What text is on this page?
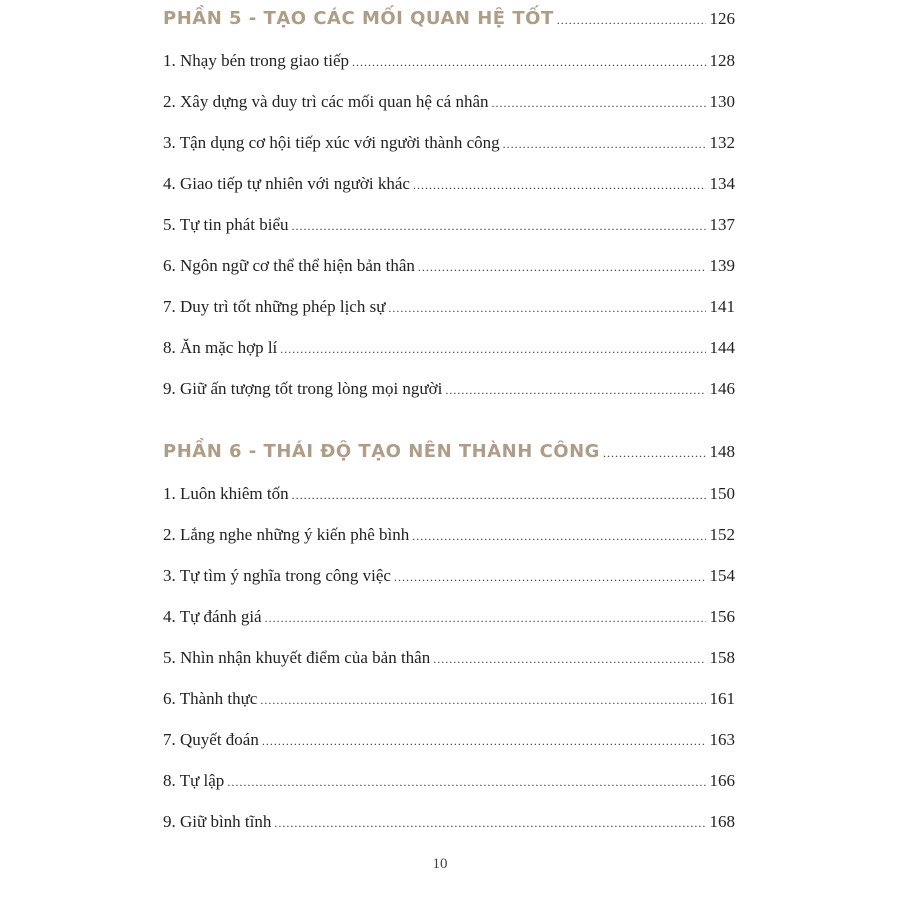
PHẦN 5 - TẠO CÁC MỐI QUAN HỆ TỐT .....	126
1. Nhạy bén trong giao tiếp .....	128
2. Xây dựng và duy trì các mối quan hệ cá nhân .....	130
3. Tận dụng cơ hội tiếp xúc với người thành công .....	132
4. Giao tiếp tự nhiên với người khác .....	134
5. Tự tin phát biểu .....	137
6. Ngôn ngữ cơ thể thể hiện bản thân .....	139
7. Duy trì tốt những phép lịch sự .....	141
8. Ăn mặc hợp lí .....	144
9. Giữ ấn tượng tốt trong lòng mọi người .....	146
PHẦN 6 - THÁI ĐỘ TẠO NÊN THÀNH CÔNG .....	148
1. Luôn khiêm tốn .....	150
2. Lắng nghe những ý kiến phê bình .....	152
3. Tự tìm ý nghĩa trong công việc .....	154
4. Tự đánh giá .....	156
5. Nhìn nhận khuyết điểm của bản thân .....	158
6. Thành thực .....	161
7. Quyết đoán .....	163
8. Tự lập .....	166
9. Giữ bình tĩnh .....	168
10
